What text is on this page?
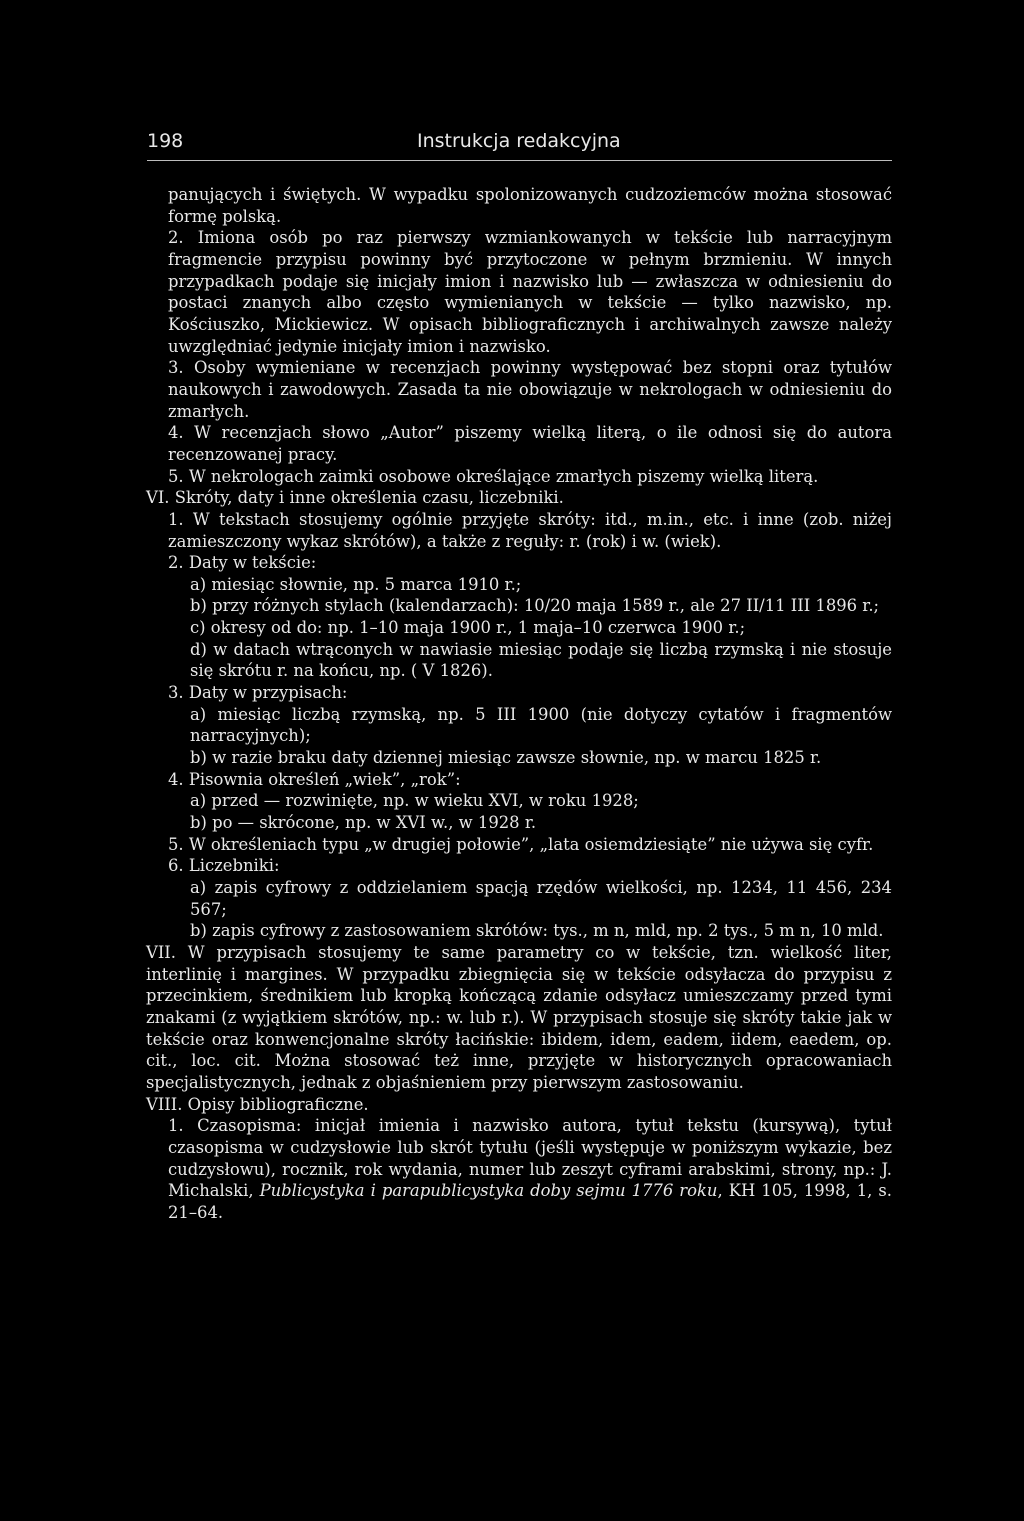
198	Instrukcja redakcyjna

panujących i świętych. W wypadku spolonizowanych cudzoziemców można stosować formę polską.

2. Imiona osób po raz pierwszy wzmiankowanych w tekście lub narracyjnym fragmencie przypisu powinny być przytoczone w pełnym brzmieniu. W innych przypadkach podaje się inicjały imion i nazwisko lub — zwłaszcza w odniesieniu do postaci znanych albo często wymienianych w tekście — tylko nazwisko, np. Kościuszko, Mickiewicz. W opisach bibliograficznych i archiwalnych zawsze należy uwzględniać jedynie inicjały imion i nazwisko.

3. Osoby wymieniane w recenzjach powinny występować bez stopni oraz tytułów naukowych i zawodowych. Zasada ta nie obowiązuje w nekrologach w odniesieniu do zmarłych.

4. W recenzjach słowo „Autor” piszemy wielką literą, o ile odnosi się do autora recenzowanej pracy.

5. W nekrologach zaimki osobowe określające zmarłych piszemy wielką literą.

VI. Skróty, daty i inne określenia czasu, liczebniki.

1. W tekstach stosujemy ogólnie przyjęte skróty: itd., m.in., etc. i inne (zob. niżej zamieszczony wykaz skrótów), a także z reguły: r. (rok) i w. (wiek).

2. Daty w tekście:

a) miesiąc słownie, np. 5 marca 1910 r.;

b) przy różnych stylach (kalendarzach): 10/20 maja 1589 r., ale 27 II/11 III 1896 r.;

c) okresy od do: np. 1–10 maja 1900 r., 1 maja–10 czerwca 1900 r.;

d) w datach wtrąconych w nawiasie miesiąc podaje się liczbą rzymską i nie stosuje się skrótu r. na końcu, np. ( V 1826).

3. Daty w przypisach:

a) miesiąc liczbą rzymską, np. 5 III 1900 (nie dotyczy cytatów i fragmentów narracyjnych);

b) w razie braku daty dziennej miesiąc zawsze słownie, np. w marcu 1825 r.

4. Pisownia określeń „wiek”, „rok”:

a) przed — rozwinięte, np. w wieku XVI, w roku 1928;

b) po — skrócone, np. w XVI w., w 1928 r.

5. W określeniach typu „w drugiej połowie”, „lata osiemdziesiąte” nie używa się cyfr.

6. Liczebniki:

a) zapis cyfrowy z oddzielaniem spacją rzędów wielkości, np. 1234, 11 456, 234 567;

b) zapis cyfrowy z zastosowaniem skrótów: tys., m n, mld, np. 2 tys., 5 m n, 10 mld.

VII. W przypisach stosujemy te same parametry co w tekście, tzn. wielkość liter, interlinię i margines. W przypadku zbiegnięcia się w tekście odsyłacza do przypisu z przecinkiem, średnikiem lub kropką kończącą zdanie odsyłacz umieszczamy przed tymi znakami (z wyjątkiem skrótów, np.: w. lub r.). W przypisach stosuje się skróty takie jak w tekście oraz konwencjonalne skróty łacińskie: ibidem, idem, eadem, iidem, eaedem, op. cit., loc. cit. Można stosować też inne, przyjęte w historycznych opracowaniach specjalistycznych, jednak z objaśnieniem przy pierwszym zastosowaniu.

VIII. Opisy bibliograficzne.

1. Czasopisma: inicjał imienia i nazwisko autora, tytuł tekstu (kursywą), tytuł czasopisma w cudzysłowie lub skrót tytułu (jeśli występuje w poniższym wykazie, bez cudzysłowu), rocznik, rok wydania, numer lub zeszyt cyframi arabskimi, strony, np.: J. Michalski, Publicystyka i parapublicystyka doby sejmu 1776 roku, KH 105, 1998, 1, s. 21–64.
